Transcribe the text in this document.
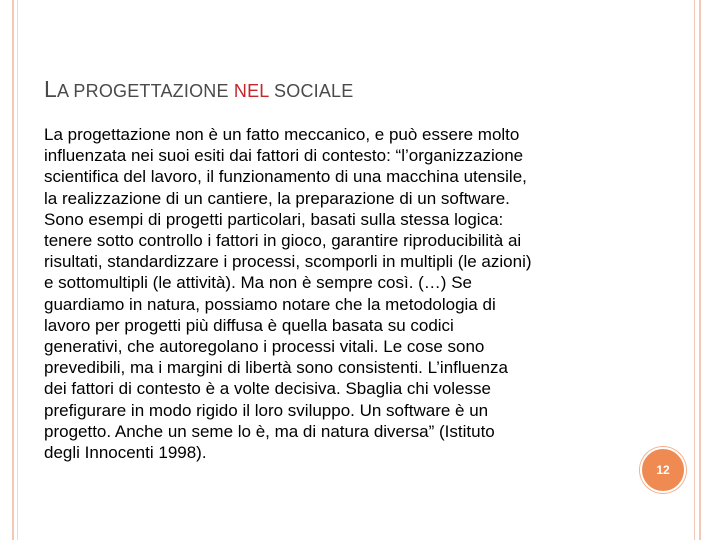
LA PROGETTAZIONE NEL SOCIALE
La progettazione non è un fatto meccanico, e può essere molto
influenzata nei suoi esiti dai fattori di contesto: “l’organizzazione
scientifica del lavoro, il funzionamento di una macchina utensile,
la realizzazione di un cantiere, la preparazione di un software.
Sono esempi di progetti particolari, basati sulla stessa logica:
tenere sotto controllo i fattori in gioco, garantire riproducibilità ai
risultati, standardizzare i processi, scomporli in multipli (le azioni)
e sottomultipli (le attività). Ma non è sempre così. (…) Se
guardiamo in natura, possiamo notare che la metodologia di
lavoro per progetti più diffusa è quella basata su codici
generativi, che autoregolano i processi vitali. Le cose sono
prevedibili, ma i margini di libertà sono consistenti. L’influenza
dei fattori di contesto è a volte decisiva. Sbaglia chi volesse
prefigurare in modo rigido il loro sviluppo. Un software è un
progetto. Anche un seme lo è, ma di natura diversa” (Istituto
degli Innocenti 1998).
12
